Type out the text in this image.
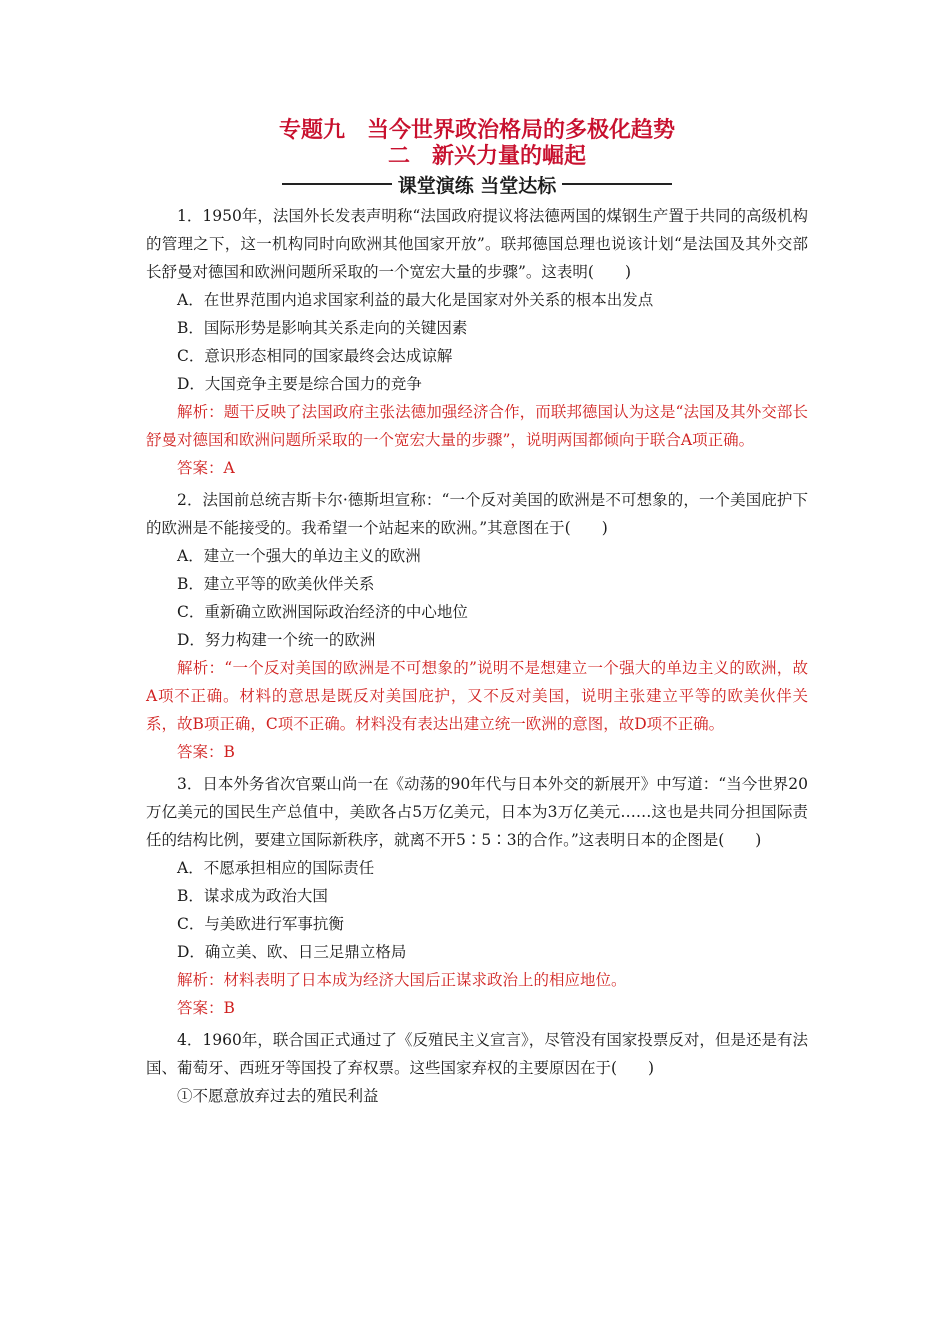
专题九　当今世界政治格局的多极化趋势
二　新兴力量的崛起
课堂演练 当堂达标

1．1950年，法国外长发表声明称“法国政府提议将法德两国的煤钢生产置于共同的高级机构的管理之下，这一机构同时向欧洲其他国家开放”。联邦德国总理也说该计划“是法国及其外交部长舒曼对德国和欧洲问题所采取的一个宽宏大量的步骤”。这表明(　　)

A．在世界范围内追求国家利益的最大化是国家对外关系的根本出发点

B．国际形势是影响其关系走向的关键因素

C．意识形态相同的国家最终会达成谅解

D．大国竞争主要是综合国力的竞争

解析：题干反映了法国政府主张法德加强经济合作，而联邦德国认为这是“法国及其外交部长舒曼对德国和欧洲问题所采取的一个宽宏大量的步骤”，说明两国都倾向于联合A项正确。

答案：A

2．法国前总统吉斯卡尔·德斯坦宣称：“一个反对美国的欧洲是不可想象的，一个美国庇护下的欧洲是不能接受的。我希望一个站起来的欧洲。”其意图在于(　　)

A．建立一个强大的单边主义的欧洲

B．建立平等的欧美伙伴关系

C．重新确立欧洲国际政治经济的中心地位

D．努力构建一个统一的欧洲

解析：“一个反对美国的欧洲是不可想象的”说明不是想建立一个强大的单边主义的欧洲，故A项不正确。材料的意思是既反对美国庇护，又不反对美国，说明主张建立平等的欧美伙伴关系，故B项正确，C项不正确。材料没有表达出建立统一欧洲的意图，故D项不正确。

答案：B

3．日本外务省次官粟山尚一在《动荡的90年代与日本外交的新展开》中写道：“当今世界20万亿美元的国民生产总值中，美欧各占5万亿美元，日本为3万亿美元……这也是共同分担国际责任的结构比例，要建立国际新秩序，就离不开5∶5∶3的合作。”这表明日本的企图是(　　)

A．不愿承担相应的国际责任

B．谋求成为政治大国

C．与美欧进行军事抗衡

D．确立美、欧、日三足鼎立格局

解析：材料表明了日本成为经济大国后正谋求政治上的相应地位。

答案：B

4．1960年，联合国正式通过了《反殖民主义宣言》，尽管没有国家投票反对，但是还是有法国、葡萄牙、西班牙等国投了弃权票。这些国家弃权的主要原因在于(　　)

①不愿意放弃过去的殖民利益
